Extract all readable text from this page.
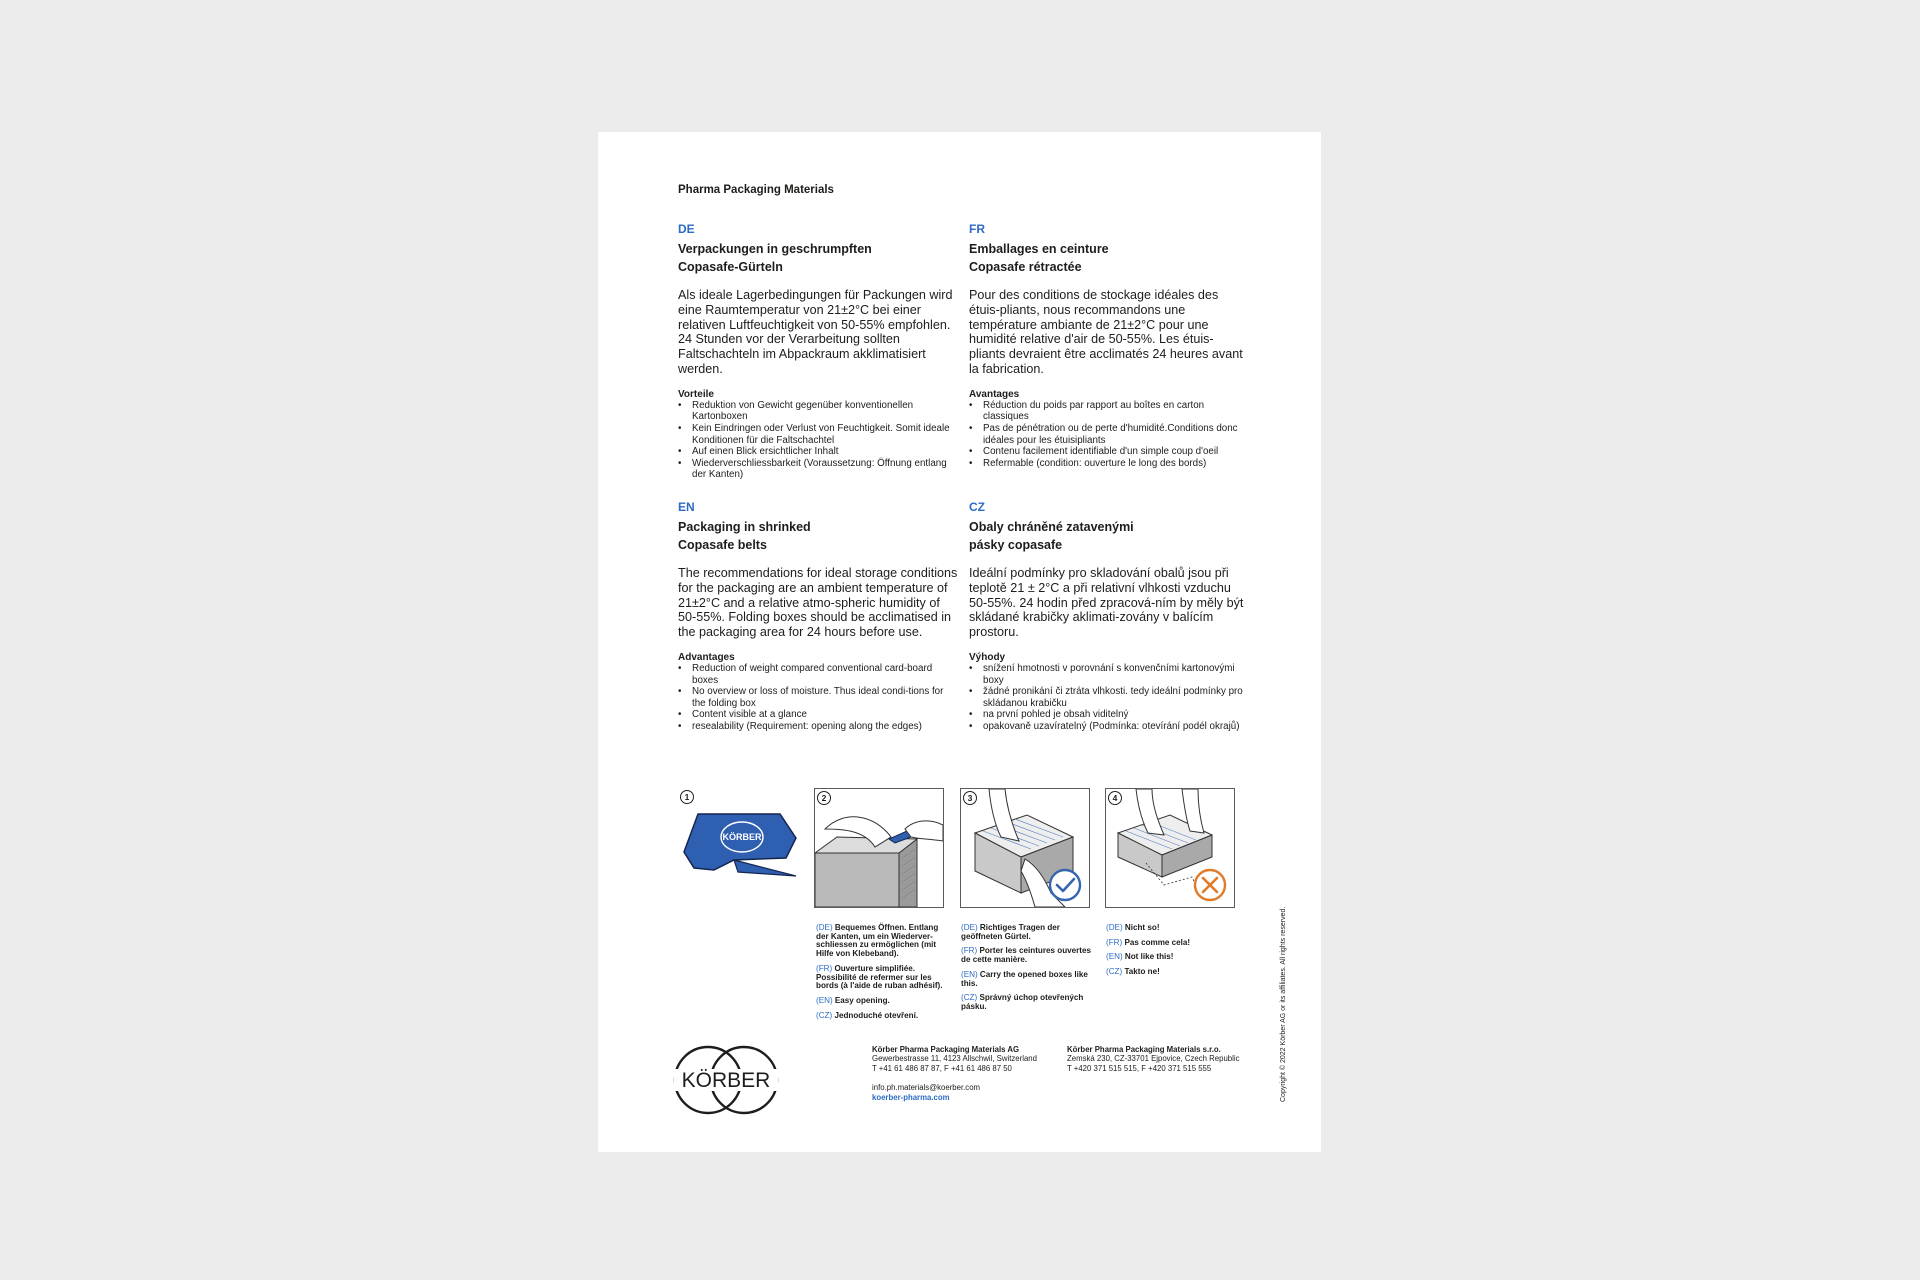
Pharma Packaging Materials
DE
Verpackungen in geschrumpften
Copasafe-Gürteln
Als ideale Lagerbedingungen für Packungen wird eine Raumtemperatur von 21±2°C bei einer relativen Luftfeuchtigkeit von 50-55% empfohlen. 24 Stunden vor der Verarbeitung sollten Faltschachteln im Abpackraum akklimatisiert werden.
Vorteile
• Reduktion von Gewicht gegenüber konventionellen Kartonboxen
• Kein Eindringen oder Verlust von Feuchtigkeit. Somit ideale Konditionen für die Faltschachtel
• Auf einen Blick ersichtlicher Inhalt
• Wiederverschliessbarkeit (Voraussetzung: Öffnung entlang der Kanten)
FR
Emballages en ceinture
Copasafe rétractée
Pour des conditions de stockage idéales des étuis-pliants, nous recommandons une température ambiante de 21±2°C pour une humidité relative d'air de 50-55%. Les étuis-pliants devraient être acclimatés 24 heures avant la fabrication.
Avantages
• Réduction du poids par rapport au boîtes en carton classiques
• Pas de pénétration ou de perte d'humidité.Conditions donc idéales pour les étuisipliants
• Contenu facilement identifiable d'un simple coup d'oeil
• Refermable (condition: ouverture le long des bords)
EN
Packaging in shrinked
Copasafe belts
The recommendations for ideal storage conditions for the packaging are an ambient temperature of 21±2°C and a relative atmo-spheric humidity of 50-55%. Folding boxes should be acclimatised in the packaging area for 24 hours before use.
Advantages
• Reduction of weight compared conventional card-board boxes
• No overview or loss of moisture. Thus ideal condi-tions for the folding box
• Content visible at a glance
• resealability (Requirement: opening along the edges)
CZ
Obaly chráněné zatavenými
pásky copasafe
Ideální podmínky pro skladování obalů jsou při teplotě 21 ± 2°C a při relativní vlhkosti vzduchu 50-55%. 24 hodin před zpracová-ním by měly být skládané krabičky aklimati-zovány v balícím prostoru.
Výhody
• snížení hmotnosti v porovnání s konvenčními kartonovými boxy
• žádné pronikání či ztráta vlhkosti. tedy ideální podmínky pro skládanou krabičku
• na první pohled je obsah viditelný
• opakovaně uzavíratelný (Podmínka: otevírání podél okrajů)
KÖRBER
1	2	3	4

(DE) Bequemes Öffnen. Entlang der Kanten, um ein Wiederver-schliessen zu ermöglichen (mit Hilfe von Klebeband).

(FR) Ouverture simplifiée. Possibilité de refermer sur les bords (à l'aide de ruban adhésif).

(EN) Easy opening.

(CZ) Jednoduché otevření.

(DE) Richtiges Tragen der geöffneten Gürtel.

(FR) Porter les ceintures ouvertes de cette manière.

(EN) Carry the opened boxes like this.

(CZ) Správný úchop otevřených pásku.

(DE) Nicht so!

(FR) Pas comme cela!

(EN) Not like this!

(CZ) Takto ne!

KÖRBER
Körber Pharma Packaging Materials AG
Gewerbestrasse 11, 4123 Allschwil, Switzerland
T +41 61 486 87 87, F +41 61 486 87 50
Körber Pharma Packaging Materials s.r.o.
Zemská 230, CZ-33701 Ejpovice, Czech Republic
T +420 371 515 515, F +420 371 515 555
info.ph.materials@koerber.com
koerber-pharma.com	Copyright © 2022 Körber AG or its affiliates. All rights reserved.
